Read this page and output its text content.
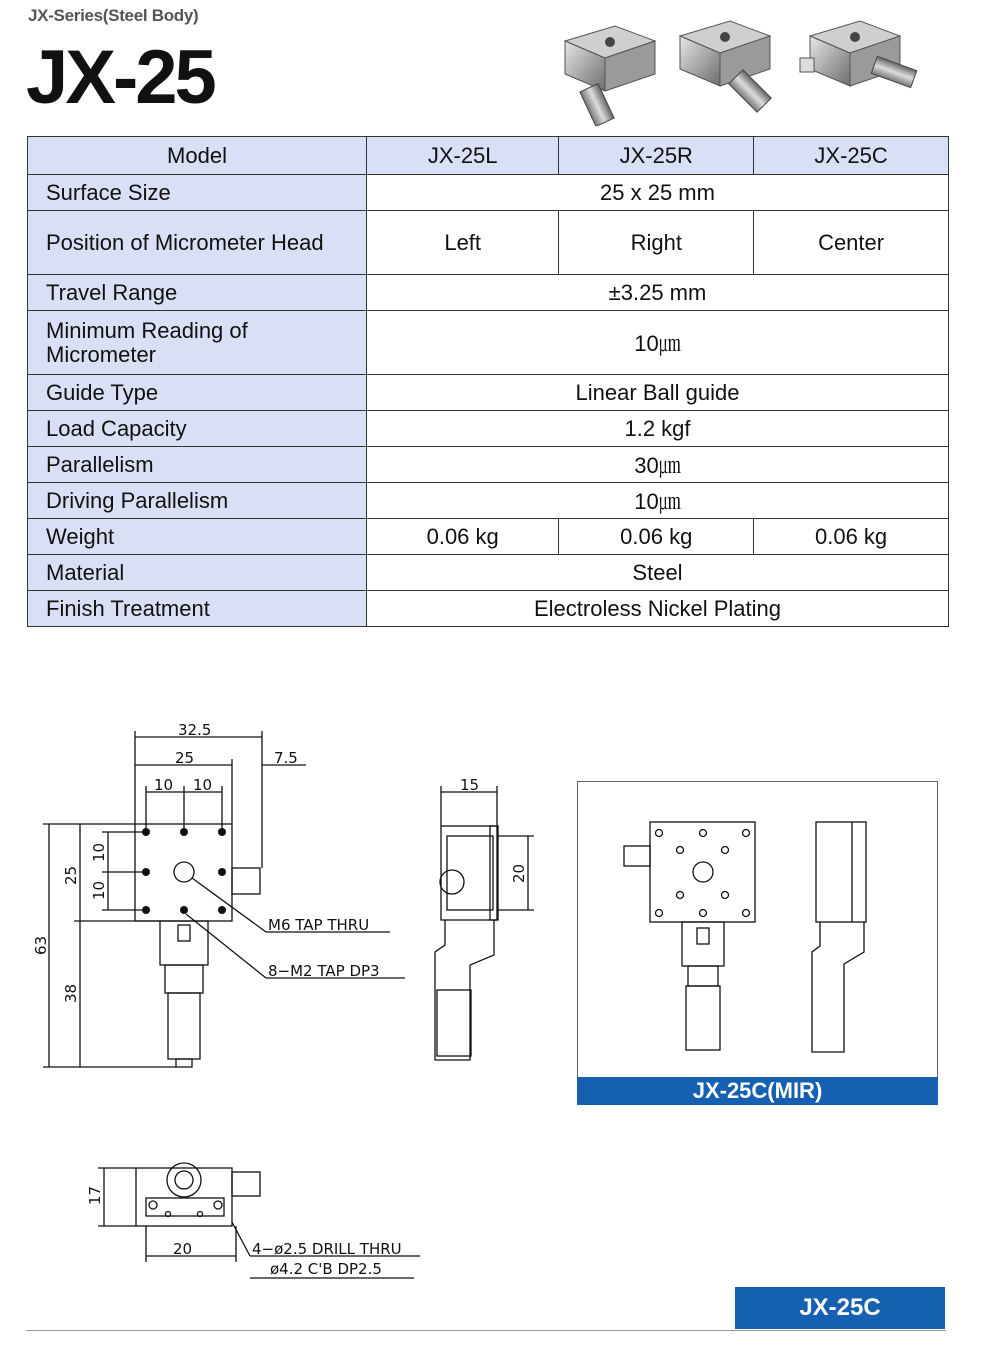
JX-Series(Steel Body)
JX-25
Model	JX-25L	JX-25R	JX-25C
Surface Size	25 x 25 mm		
Position of Micrometer Head	Left	Right	Center
Travel Range	±3.25 mm		

Minimum Reading of Micrometer	10㎛		
Guide Type	Linear Ball guide		
Load Capacity	1.2 kgf		
Parallelism	30㎛		
Driving Parallelism	10㎛		
Weight	0.06 kg	0.06 kg	0.06 kg
Material	Steel		
Finish Treatment	Electroless Nickel Plating		
JX-25C(MIR)
32.5
25	7.5
10 10	15
20
M6 TAP THRU
8−M2 TAP DP3
4−ø2.5 DRILL THRU
ø4.2 C'B DP2.5
63
25
10
10
38
20
17
JX-25C
